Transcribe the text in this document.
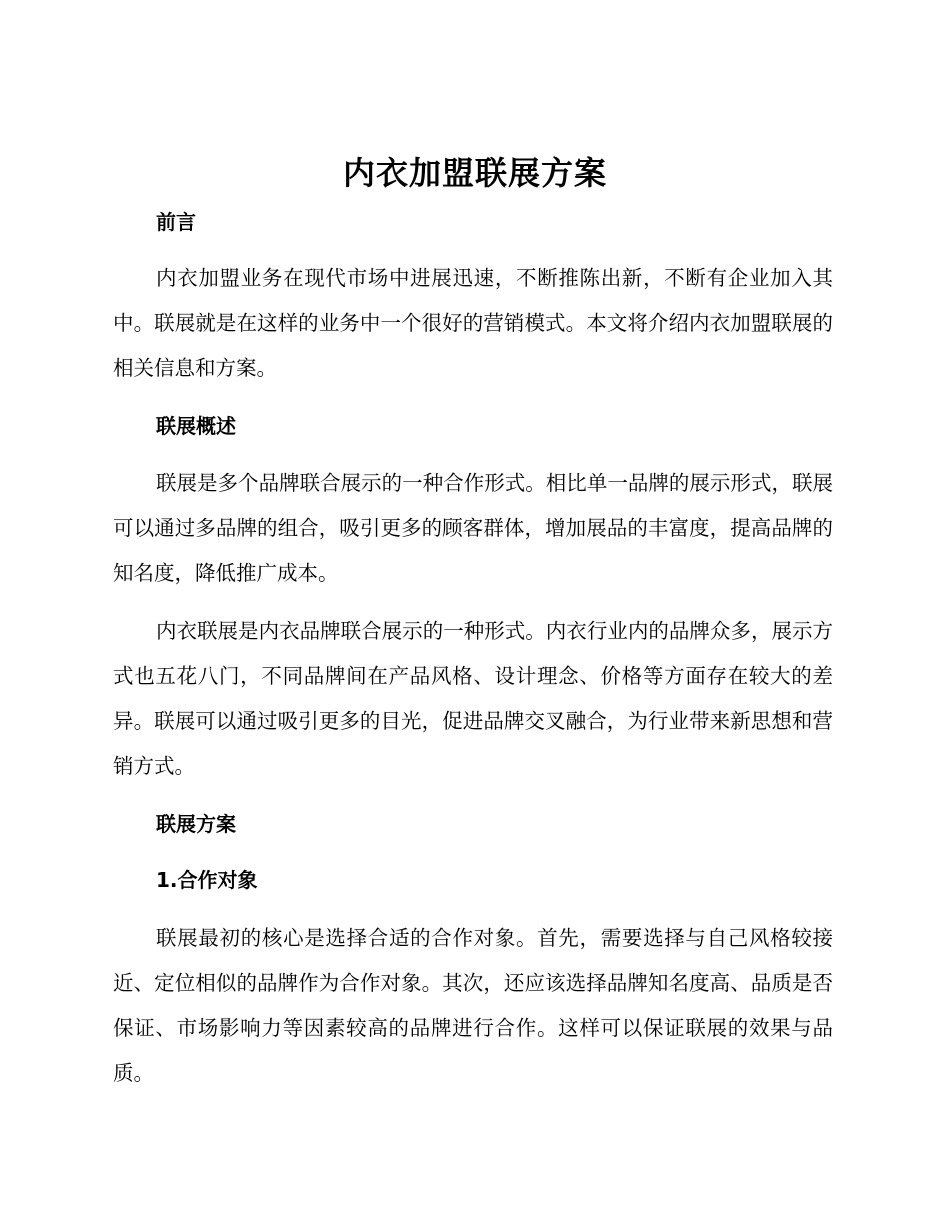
内衣加盟联展方案
前言
内衣加盟业务在现代市场中进展迅速，不断推陈出新，不断有企业加入其中。联展就是在这样的业务中一个很好的营销模式。本文将介绍内衣加盟联展的相关信息和方案。
联展概述
联展是多个品牌联合展示的一种合作形式。相比单一品牌的展示形式，联展可以通过多品牌的组合，吸引更多的顾客群体，增加展品的丰富度，提高品牌的知名度，降低推广成本。
内衣联展是内衣品牌联合展示的一种形式。内衣行业内的品牌众多，展示方式也五花八门，不同品牌间在产品风格、设计理念、价格等方面存在较大的差异。联展可以通过吸引更多的目光，促进品牌交叉融合，为行业带来新思想和营销方式。
联展方案
1.合作对象
联展最初的核心是选择合适的合作对象。首先，需要选择与自己风格较接近、定位相似的品牌作为合作对象。其次，还应该选择品牌知名度高、品质是否保证、市场影响力等因素较高的品牌进行合作。这样可以保证联展的效果与品质。
